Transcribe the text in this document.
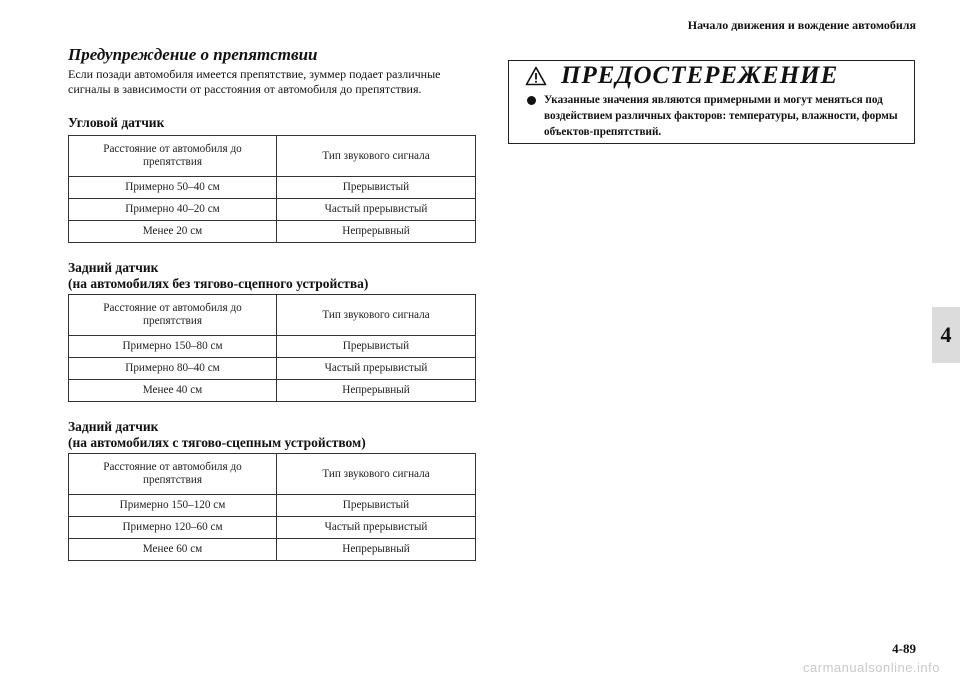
Начало движения и вождение автомобиля
4

Предупреждение о препятствии

Если позади автомобиля имеется препятствие, зуммер подает различные сигналы в зависимости от расстояния от автомобиля до препятствия.

Угловой датчик

Расстояние от автомобиля до препятствия	Тип звукового сигнала
Примерно 50–40 см	Прерывистый
Примерно 40–20 см	Частый прерывистый
Менее 20 см	Непрерывный

Задний датчик

(на автомобилях без тягово-сцепного устройства)

Расстояние от автомобиля до препятствия	Тип звукового сигнала
Примерно 150–80 см	Прерывистый
Примерно 80–40 см	Частый прерывистый
Менее 40 см	Непрерывный

Задний датчик

(на автомобилях с тягово-сцепным устройством)

Расстояние от автомобиля до препятствия	Тип звукового сигнала
Примерно 150–120 см	Прерывистый
Примерно 120–60 см	Частый прерывистый
Менее 60 см	Непрерывный
ПРЕДОСТЕРЕЖЕНИЕ
Указанные значения являются примерными и могут меняться под воздействием различных факторов: температуры, влажности, формы объектов-препятствий.
4-89
carmanualsonline.info
